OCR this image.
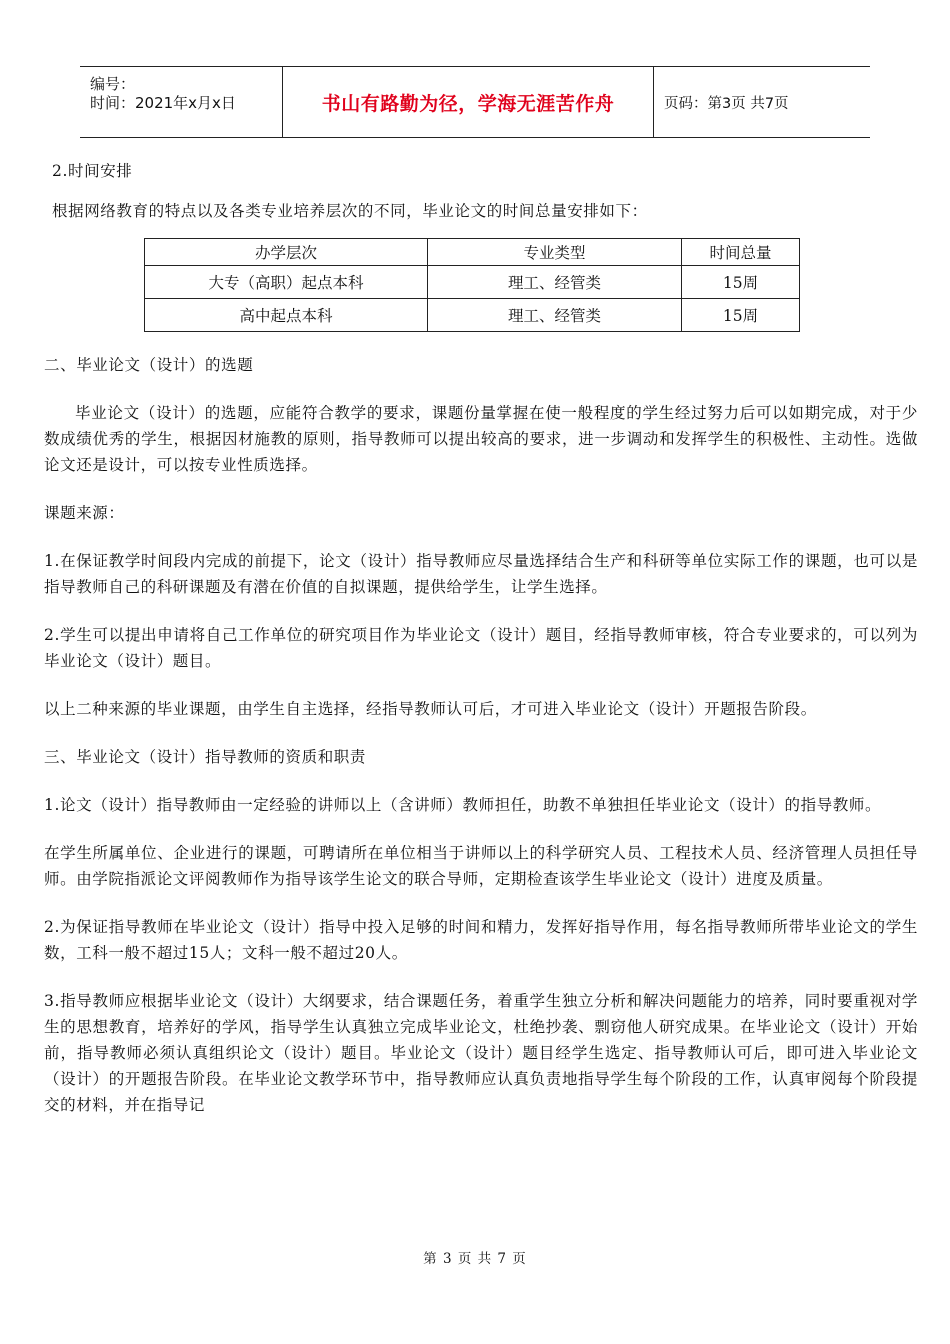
编号：
时间：2021年x月x日	书山有路勤为径，学海无涯苦作舟	页码：第3页 共7页

2.时间安排

根据网络教育的特点以及各类专业培养层次的不同，毕业论文的时间总量安排如下：

办学层次	专业类型	时间总量
大专（高职）起点本科	理工、经管类	15周
高中起点本科	理工、经管类	15周

二、毕业论文（设计）的选题

毕业论文（设计）的选题，应能符合教学的要求，课题份量掌握在使一般程度的学生经过努力后可以如期完成，对于少数成绩优秀的学生，根据因材施教的原则，指导教师可以提出较高的要求，进一步调动和发挥学生的积极性、主动性。选做论文还是设计，可以按专业性质选择。

课题来源：

1.在保证教学时间段内完成的前提下，论文（设计）指导教师应尽量选择结合生产和科研等单位实际工作的课题，也可以是指导教师自己的科研课题及有潜在价值的自拟课题，提供给学生，让学生选择。

2.学生可以提出申请将自己工作单位的研究项目作为毕业论文（设计）题目，经指导教师审核，符合专业要求的，可以列为毕业论文（设计）题目。

以上二种来源的毕业课题，由学生自主选择，经指导教师认可后，才可进入毕业论文（设计）开题报告阶段。

三、毕业论文（设计）指导教师的资质和职责

1.论文（设计）指导教师由一定经验的讲师以上（含讲师）教师担任，助教不单独担任毕业论文（设计）的指导教师。

在学生所属单位、企业进行的课题，可聘请所在单位相当于讲师以上的科学研究人员、工程技术人员、经济管理人员担任导师。由学院指派论文评阅教师作为指导该学生论文的联合导师，定期检查该学生毕业论文（设计）进度及质量。

2.为保证指导教师在毕业论文（设计）指导中投入足够的时间和精力，发挥好指导作用，每名指导教师所带毕业论文的学生数，工科一般不超过15人；文科一般不超过20人。

3.指导教师应根据毕业论文（设计）大纲要求，结合课题任务，着重学生独立分析和解决问题能力的培养，同时要重视对学生的思想教育，培养好的学风，指导学生认真独立完成毕业论文，杜绝抄袭、剽窃他人研究成果。在毕业论文（设计）开始前，指导教师必须认真组织论文（设计）题目。毕业论文（设计）题目经学生选定、指导教师认可后，即可进入毕业论文（设计）的开题报告阶段。在毕业论文教学环节中，指导教师应认真负责地指导学生每个阶段的工作，认真审阅每个阶段提交的材料，并在指导记

第 3 页 共 7 页
